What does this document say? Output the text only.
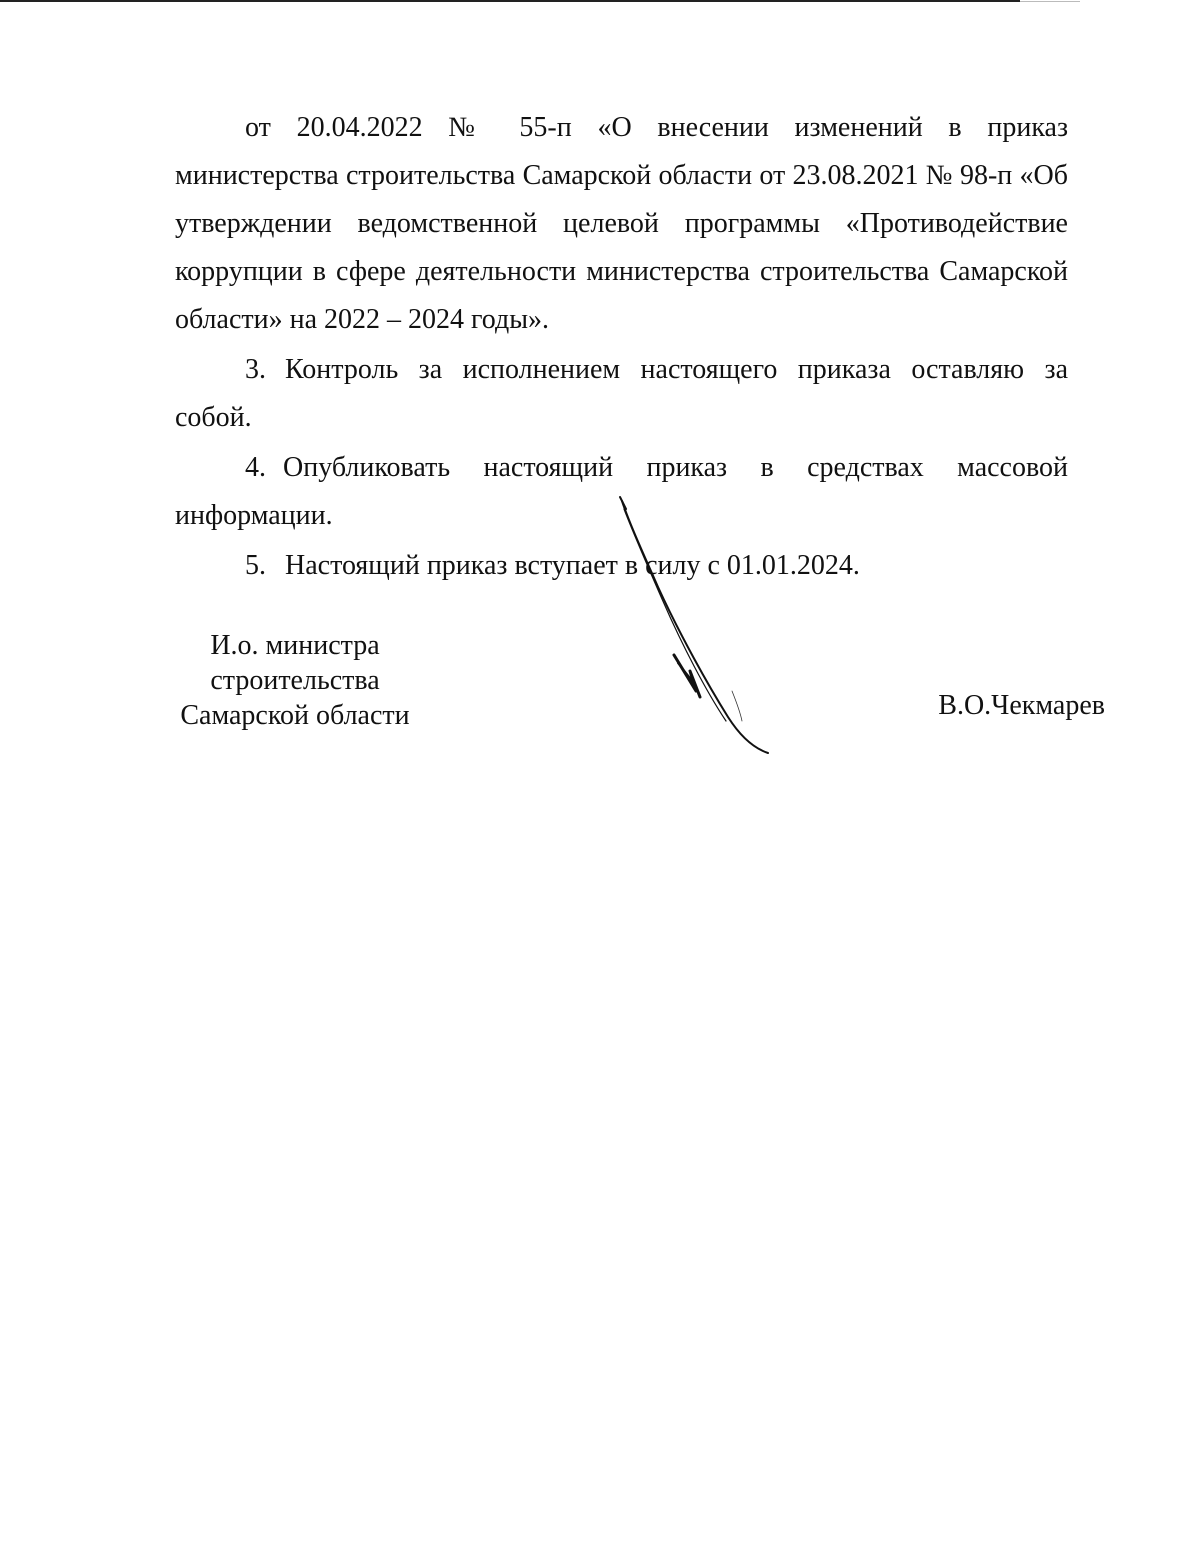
от 20.04.2022 № 55-п «О внесении изменений в приказ министерства строительства Самарской области от 23.08.2021 № 98-п «Об утверждении ведомственной целевой программы «Противодействие коррупции в сфере деятельности министерства строительства Самарской области» на 2022 – 2024 годы».

3. Контроль за исполнением настоящего приказа оставляю за собой.

4. Опубликовать настоящий приказ в средствах массовой информации.

5. Настоящий приказ вступает в силу с 01.01.2024.

И.о. министра
строительства
Самарской области	В.О.Чекмарев
